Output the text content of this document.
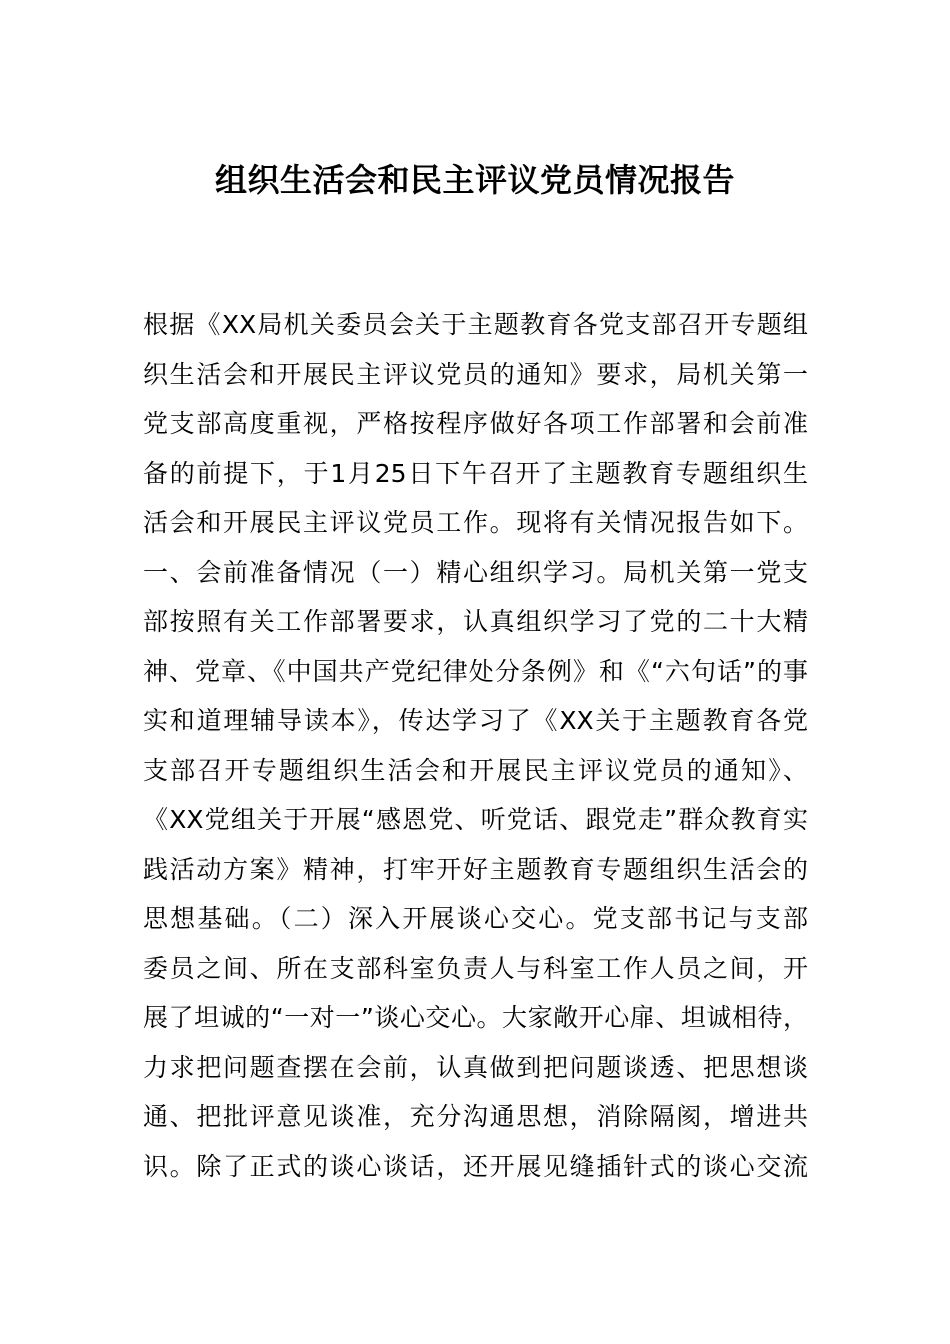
组织生活会和民主评议党员情况报告
根据《XX局机关委员会关于主题教育各党支部召开专题组
织生活会和开展民主评议党员的通知》要求，局机关第一
党支部高度重视，严格按程序做好各项工作部署和会前准
备的前提下，于1月25日下午召开了主题教育专题组织生
活会和开展民主评议党员工作。现将有关情况报告如下。
一、会前准备情况（一）精心组织学习。局机关第一党支
部按照有关工作部署要求，认真组织学习了党的二十大精
神、党章、《中国共产党纪律处分条例》和《“六句话”的事
实和道理辅导读本》，传达学习了《XX关于主题教育各党
支部召开专题组织生活会和开展民主评议党员的通知》、
《XX党组关于开展“感恩党、听党话、跟党走”群众教育实
践活动方案》精神，打牢开好主题教育专题组织生活会的
思想基础。（二）深入开展谈心交心。党支部书记与支部
委员之间、所在支部科室负责人与科室工作人员之间，开
展了坦诚的“一对一”谈心交心。大家敞开心扉、坦诚相待，
力求把问题查摆在会前，认真做到把问题谈透、把思想谈
通、把批评意见谈准，充分沟通思想，消除隔阂，增进共
识。除了正式的谈心谈话，还开展见缝插针式的谈心交流
